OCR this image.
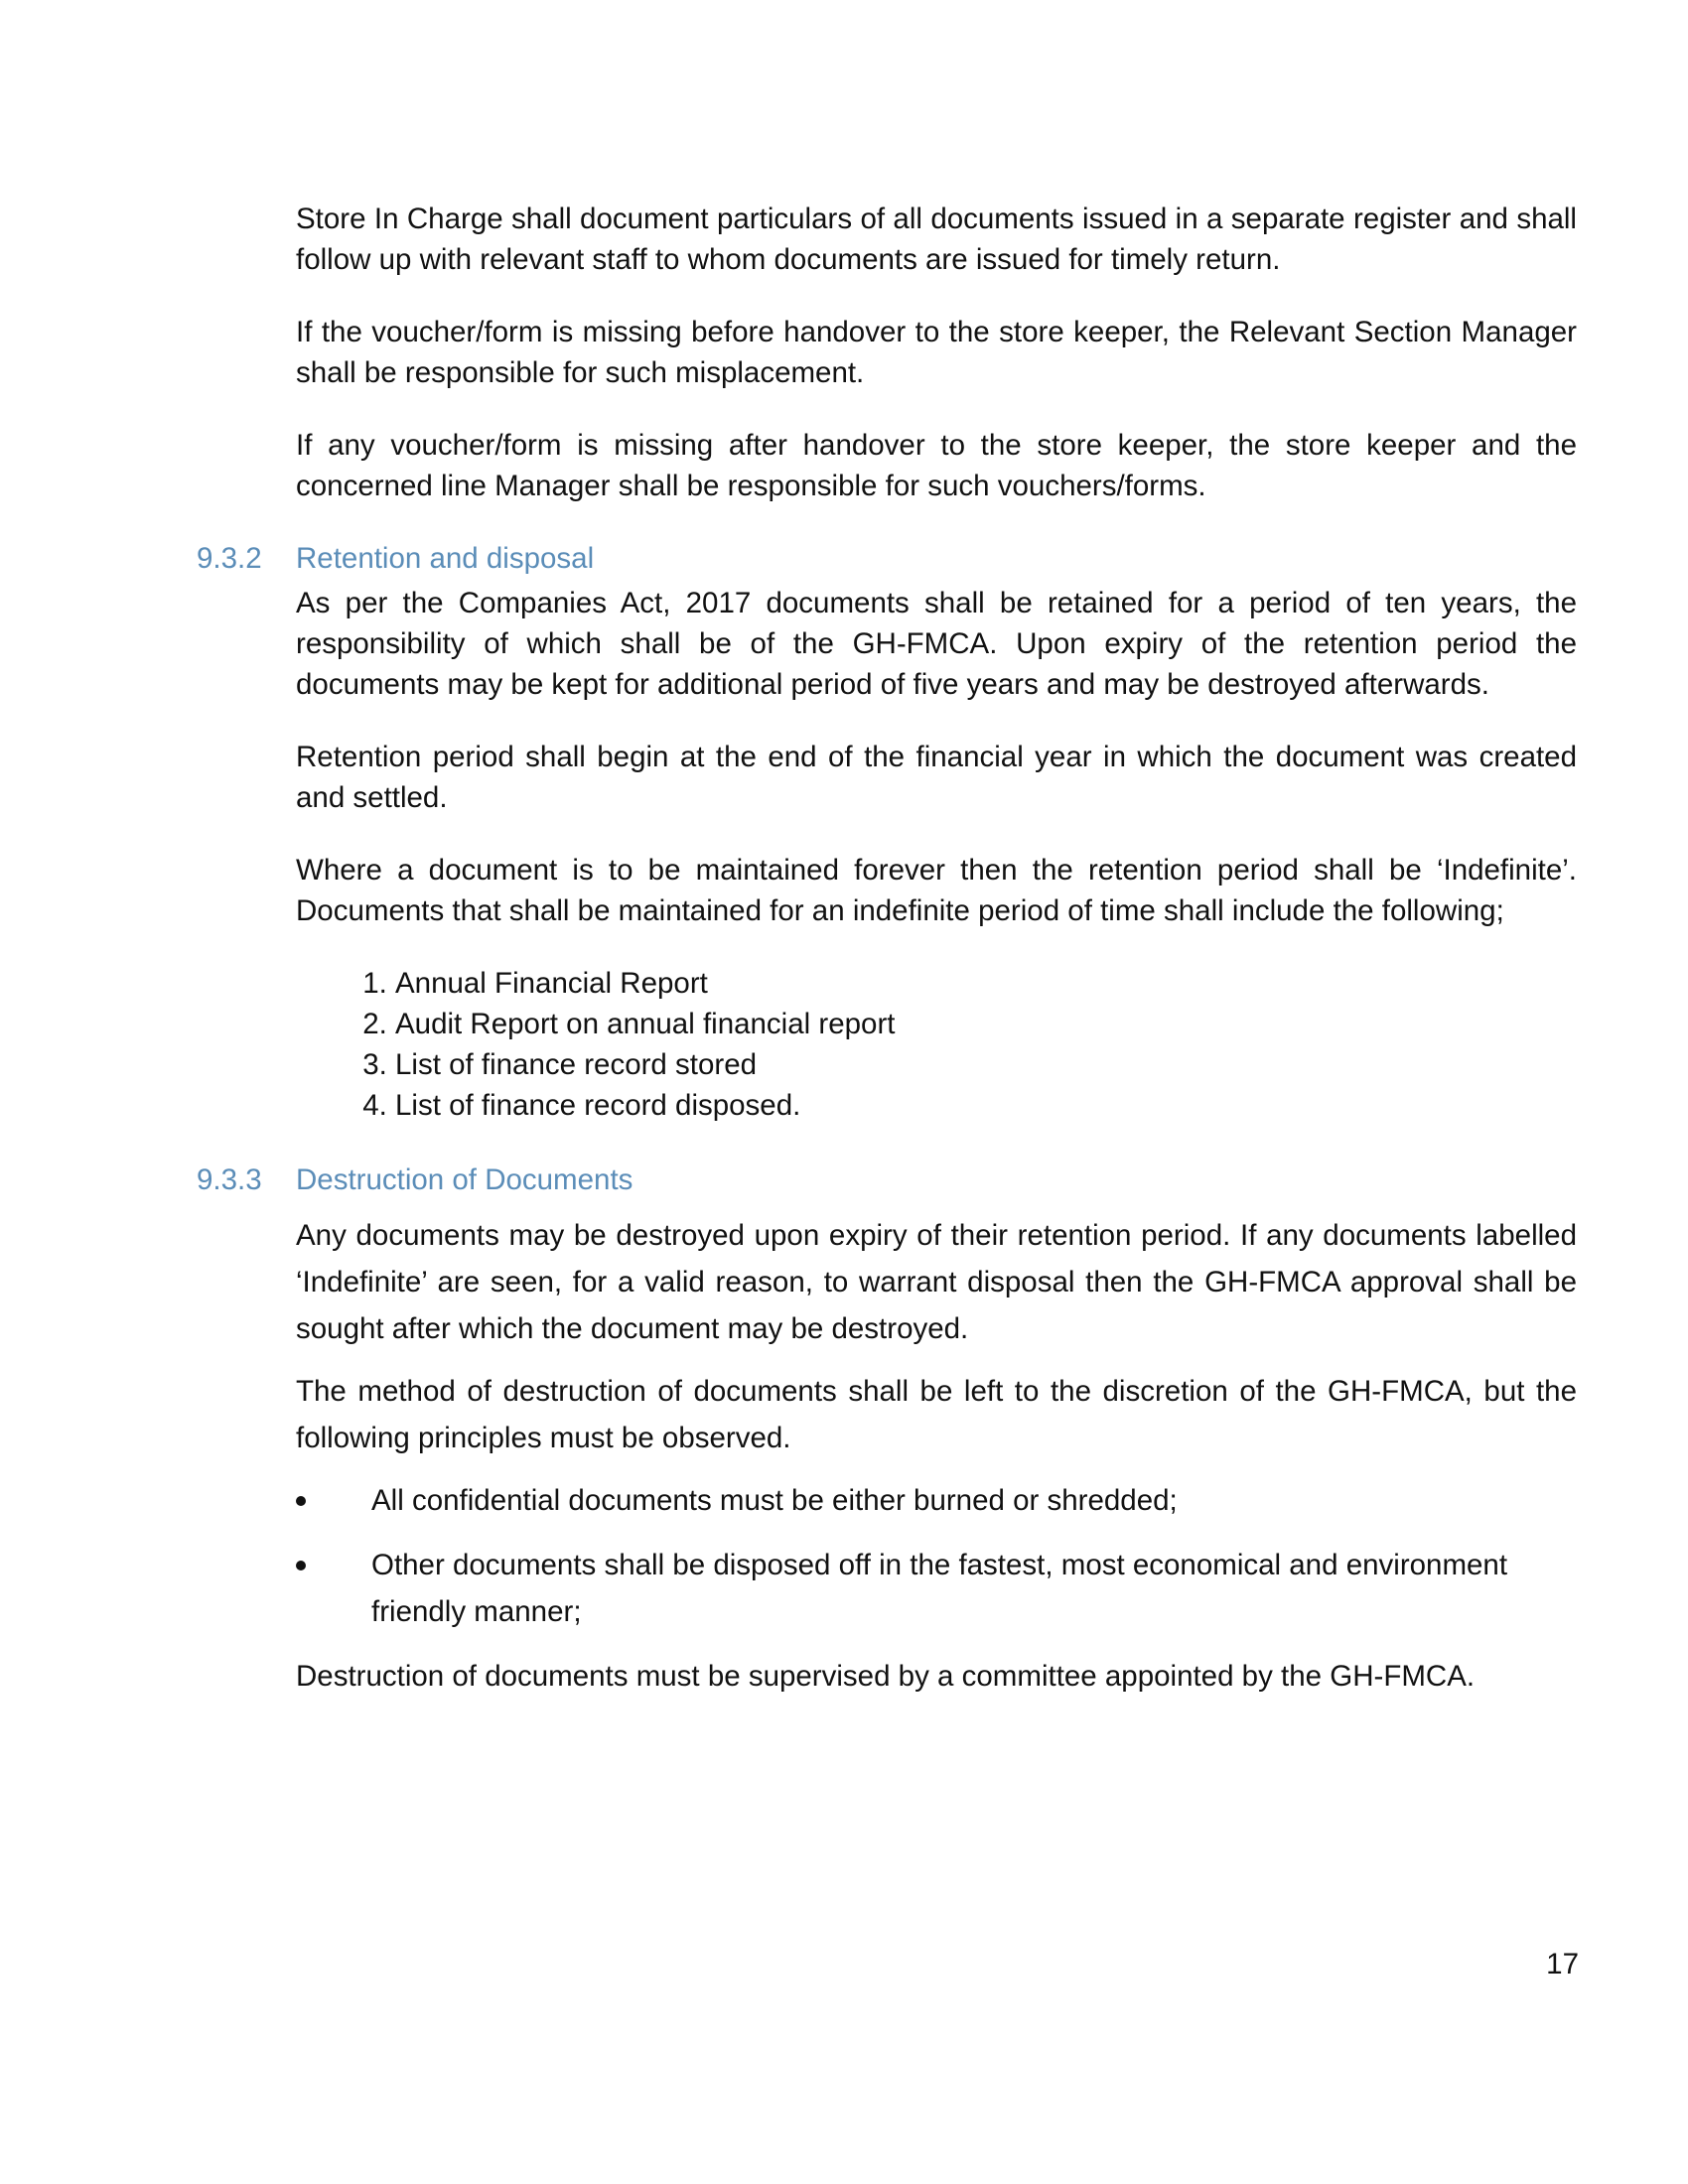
Store In Charge shall document particulars of all documents issued in a separate register and shall follow up with relevant staff to whom documents are issued for timely return.

If the voucher/form is missing before handover to the store keeper, the Relevant Section Manager shall be responsible for such misplacement.

If any voucher/form is missing after handover to the store keeper, the store keeper and the concerned line Manager shall be responsible for such vouchers/forms.

9.3.2 Retention and disposal

As per the Companies Act, 2017 documents shall be retained for a period of ten years, the responsibility of which shall be of the GH-FMCA. Upon expiry of the retention period the documents may be kept for additional period of five years and may be destroyed afterwards.

Retention period shall begin at the end of the financial year in which the document was created and settled.

Where a document is to be maintained forever then the retention period shall be ‘Indefinite’. Documents that shall be maintained for an indefinite period of time shall include the following;

1. Annual Financial Report
2. Audit Report on annual financial report
3. List of finance record stored
4. List of finance record disposed.
9.3.3 Destruction of Documents

Any documents may be destroyed upon expiry of their retention period. If any documents labelled ‘Indefinite’ are seen, for a valid reason, to warrant disposal then the GH-FMCA approval shall be sought after which the document may be destroyed.

The method of destruction of documents shall be left to the discretion of the GH-FMCA, but the following principles must be observed.

All confidential documents must be either burned or shredded;
Other documents shall be disposed off in the fastest, most economical and environment friendly manner;

Destruction of documents must be supervised by a committee appointed by the GH-FMCA.

17
